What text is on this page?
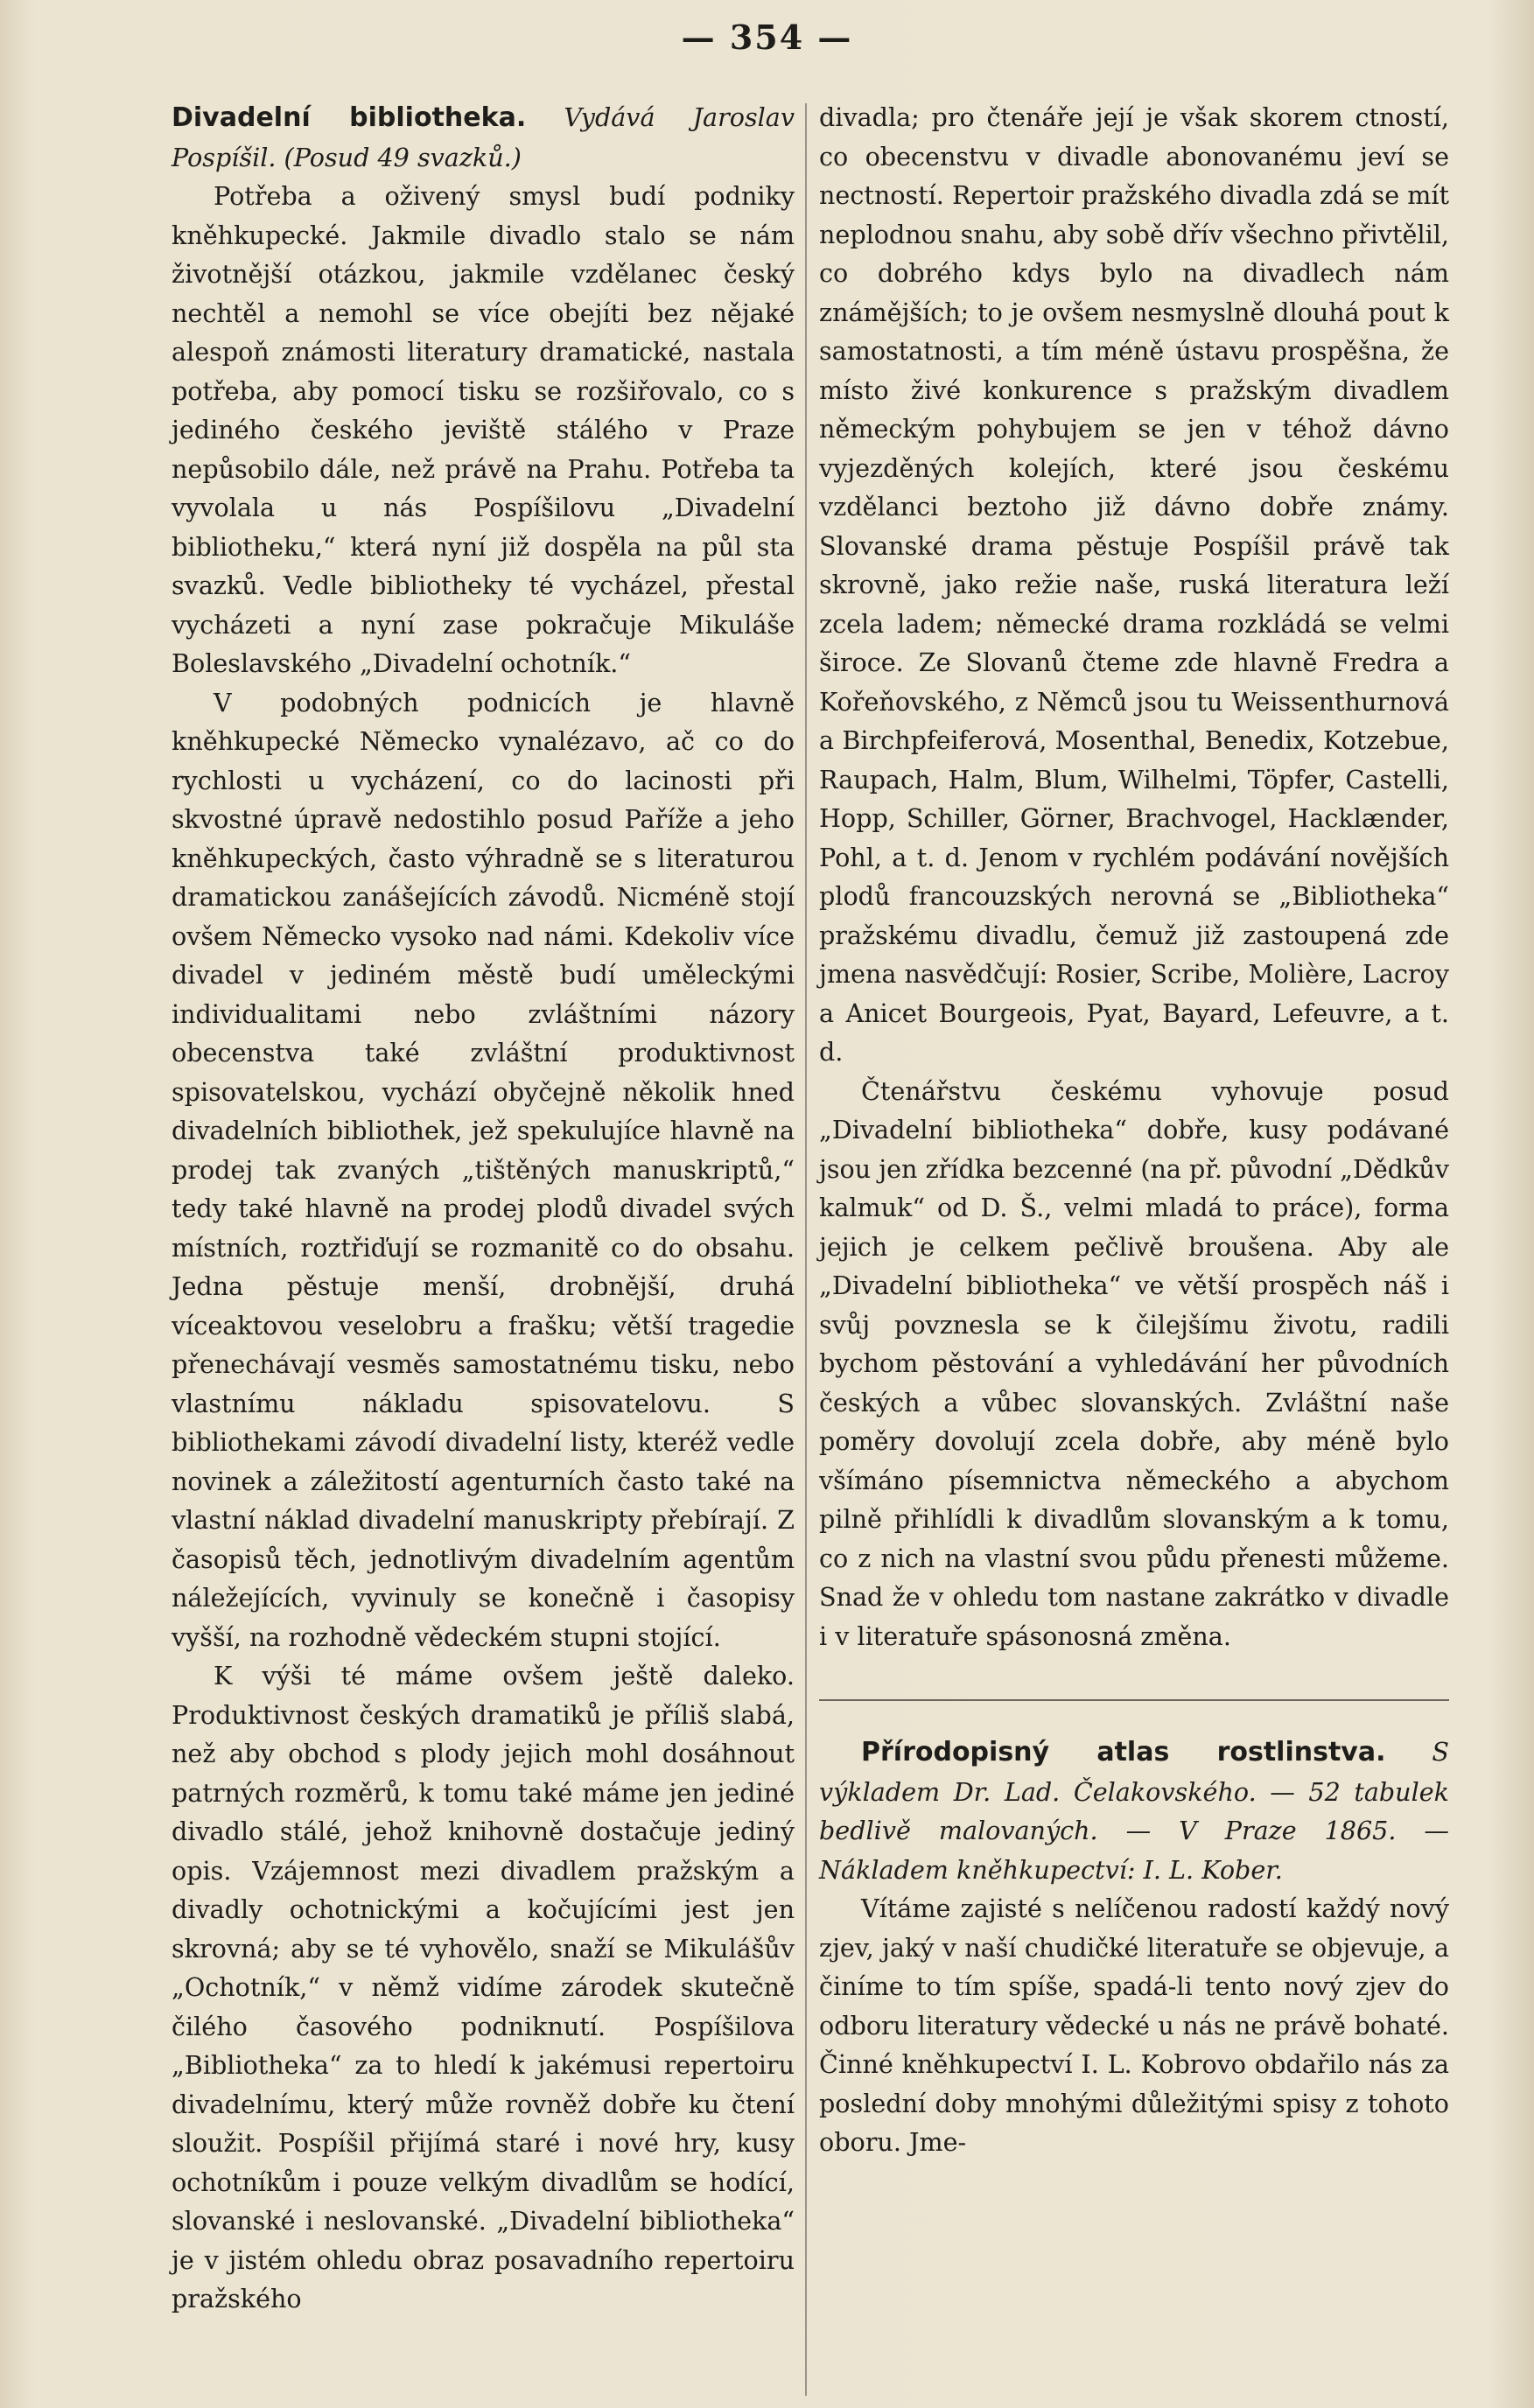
— 354 —

Divadelní bibliotheka. Vydává Jaroslav Pospíšil. (Posud 49 svazků.)

Potřeba a oživený smysl budí podniky kněhkupecké. Jakmile divadlo stalo se nám životnější otázkou, jakmile vzdělanec český nechtěl a nemohl se více obejíti bez nějaké alespoň známosti literatury dramatické, nastala potřeba, aby pomocí tisku se rozšiřovalo, co s jediného českého jeviště stálého v Praze nepůsobilo dále, než právě na Prahu. Potřeba ta vyvolala u nás Pospíšilovu „Divadelní bibliotheku,“ která nyní již dospěla na půl sta svazků. Vedle bibliotheky té vycházel, přestal vycházeti a nyní zase pokračuje Mikuláše Boleslavského „Divadelní ochotník.“

V podobných podnicích je hlavně kněhkupecké Německo vynalézavo, ač co do rychlosti u vycházení, co do lacinosti při skvostné úpravě nedostihlo posud Paříže a jeho kněhkupeckých, často výhradně se s literaturou dramatickou zanášejících závodů. Nicméně stojí ovšem Německo vysoko nad námi. Kdekoliv více divadel v jediném městě budí uměleckými individualitami nebo zvláštními názory obecenstva také zvláštní produktivnost spisovatelskou, vychází obyčejně několik hned divadelních bibliothek, jež spekulujíce hlavně na prodej tak zvaných „tištěných manuskriptů,“ tedy také hlavně na prodej plodů divadel svých místních, roztřiďují se rozmanitě co do obsahu. Jedna pěstuje menší, drobnější, druhá víceaktovou veselobru a frašku; větší tragedie přenechávají vesměs samostatnému tisku, nebo vlastnímu nákladu spisovatelovu. S bibliothekami závodí divadelní listy, kteréž vedle novinek a záležitostí agenturních často také na vlastní náklad divadelní manuskripty přebírají. Z časopisů těch, jednotlivým divadelním agentům náležejících, vyvinuly se konečně i časopisy vyšší, na rozhodně vědeckém stupni stojící.

K výši té máme ovšem ještě daleko. Produktivnost českých dramatiků je příliš slabá, než aby obchod s plody jejich mohl dosáhnout patrných rozměrů, k tomu také máme jen jediné divadlo stálé, jehož knihovně dostačuje jediný opis. Vzájemnost mezi divadlem pražským a divadly ochotnickými a kočujícími jest jen skrovná; aby se té vyhovělo, snaží se Mikulášův „Ochotník,“ v němž vidíme zárodek skutečně čilého časového podniknutí. Pospíšilova „Bibliotheka“ za to hledí k jakémusi repertoiru divadelnímu, který může rovněž dobře ku čtení sloužit. Pospíšil přijímá staré i nové hry, kusy ochotníkům i pouze velkým divadlům se hodící, slovanské i neslovanské. „Divadelní bibliotheka“ je v jistém ohledu obraz posavadního repertoiru pražského

divadla; pro čtenáře její je však skorem ctností, co obecenstvu v divadle abonovanému jeví se nectností. Repertoir pražského divadla zdá se mít neplodnou snahu, aby sobě dřív všechno přivtělil, co dobrého kdys bylo na divadlech nám známějších; to je ovšem nesmyslně dlouhá pout k samostatnosti, a tím méně ústavu prospěšna, že místo živé konkurence s pražským divadlem německým pohybujem se jen v téhož dávno vyjezděných kolejích, které jsou českému vzdělanci beztoho již dávno dobře známy. Slovanské drama pěstuje Pospíšil právě tak skrovně, jako režie naše, ruská literatura leží zcela ladem; německé drama rozkládá se velmi široce. Ze Slovanů čteme zde hlavně Fredra a Kořeňovského, z Němců jsou tu Weissenthurnová a Birchpfeiferová, Mosenthal, Benedix, Kotzebue, Raupach, Halm, Blum, Wilhelmi, Töpfer, Castelli, Hopp, Schiller, Görner, Brachvogel, Hacklænder, Pohl, a t. d. Jenom v rychlém podávání novějších plodů francouzských nerovná se „Bibliotheka“ pražskému divadlu, čemuž již zastoupená zde jmena nasvědčují: Rosier, Scribe, Molière, Lacroy a Anicet Bourgeois, Pyat, Bayard, Lefeuvre, a t. d.

Čtenářstvu českému vyhovuje posud „Divadelní bibliotheka“ dobře, kusy podávané jsou jen zřídka bezcenné (na př. původní „Dědkův kalmuk“ od D. Š., velmi mladá to práce), forma jejich je celkem pečlivě broušena. Aby ale „Divadelní bibliotheka“ ve větší prospěch náš i svůj povznesla se k čilejšímu životu, radili bychom pěstování a vyhledávání her původních českých a vůbec slovanských. Zvláštní naše poměry dovolují zcela dobře, aby méně bylo všímáno písemnictva německého a abychom pilně přihlídli k divadlům slovanským a k tomu, co z nich na vlastní svou půdu přenesti můžeme. Snad že v ohledu tom nastane zakrátko v divadle i v literatuře spásonosná změna.

Přírodopisný atlas rostlinstva. S výkladem Dr. Lad. Čelakovského. — 52 tabulek bedlivě malovaných. — V Praze 1865. — Nákladem kněhkupectví: I. L. Kober.

Vítáme zajisté s nelíčenou radostí každý nový zjev, jaký v naší chudičké literatuře se objevuje, a činíme to tím spíše, spadá-li tento nový zjev do odboru literatury vědecké u nás ne právě bohaté. Činné kněhkupectví I. L. Kobrovo obdařilo nás za poslední doby mnohými důležitými spisy z tohoto oboru. Jme-
